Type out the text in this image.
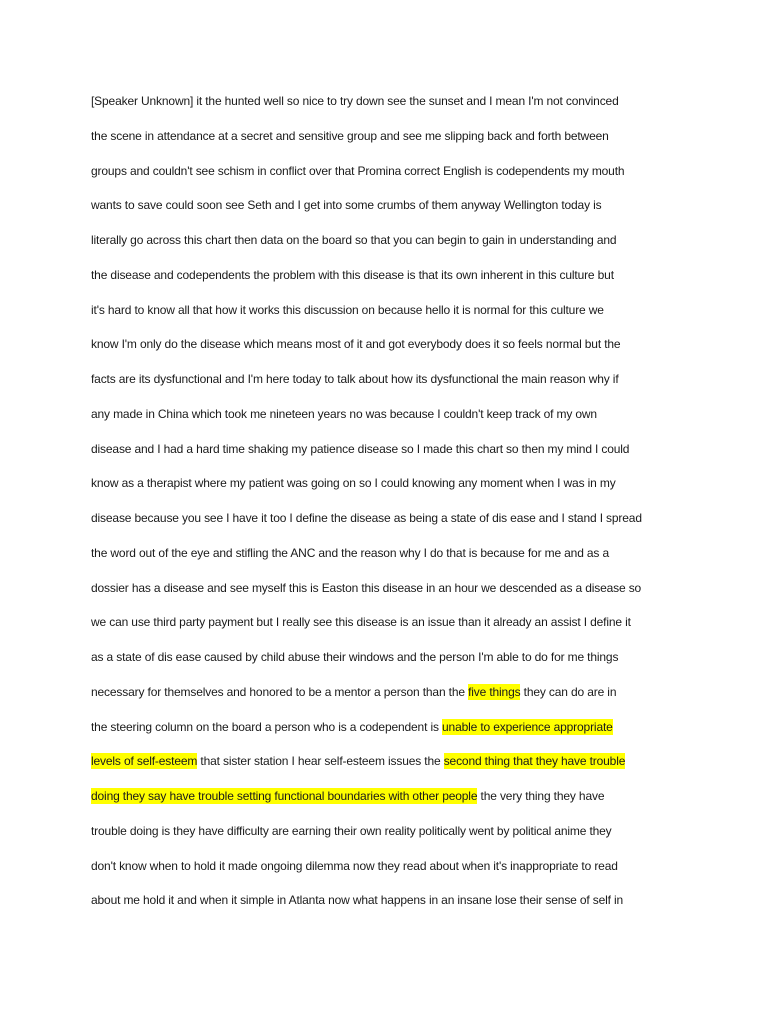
[Speaker Unknown] it the hunted well so nice to try down see the sunset and I mean I'm not convinced
the scene in attendance at a secret and sensitive group and see me slipping back and forth between
groups and couldn't see schism in conflict over that Promina correct English is codependents my mouth
wants to save could soon see Seth and I get into some crumbs of them anyway Wellington today is
literally go across this chart then data on the board so that you can begin to gain in understanding and
the disease and codependents the problem with this disease is that its own inherent in this culture but
it's hard to know all that how it works this discussion on because hello it is normal for this culture we
know I'm only do the disease which means most of it and got everybody does it so feels normal but the
facts are its dysfunctional and I'm here today to talk about how its dysfunctional the main reason why if
any made in China which took me nineteen years no was because I couldn't keep track of my own
disease and I had a hard time shaking my patience disease so I made this chart so then my mind I could
know as a therapist where my patient was going on so I could knowing any moment when I was in my
disease because you see I have it too I define the disease as being a state of dis ease and I stand I spread
the word out of the eye and stifling the ANC and the reason why I do that is because for me and as a
dossier has a disease and see myself this is Easton this disease in an hour we descended as a disease so
we can use third party payment but I really see this disease is an issue than it already an assist I define it
as a state of dis ease caused by child abuse their windows and the person I'm able to do for me things
necessary for themselves and honored to be a mentor a person than the five things they can do are in
the steering column on the board a person who is a codependent is unable to experience appropriate
levels of self-esteem that sister station I hear self-esteem issues the second thing that they have trouble
doing they say have trouble setting functional boundaries with other people the very thing they have
trouble doing is they have difficulty are earning their own reality politically went by political anime they
don't know when to hold it made ongoing dilemma now they read about when it's inappropriate to read
about me hold it and when it simple in Atlanta now what happens in an insane lose their sense of self in
